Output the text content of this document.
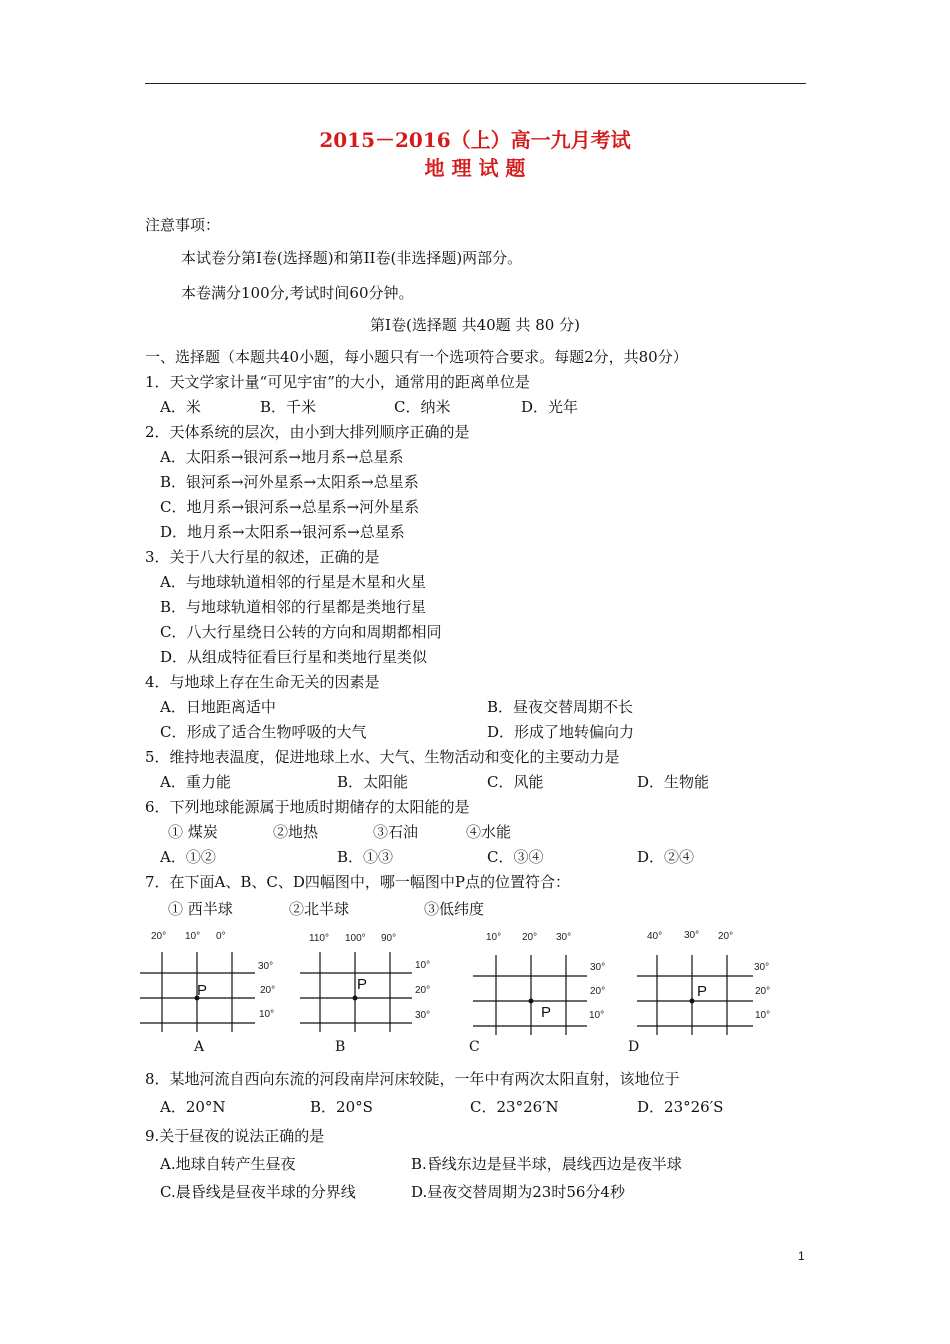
2015－2016（上）高一九月考试
地 理 试 题
注意事项：
本试卷分第Ⅰ卷(选择题)和第II卷(非选择题)两部分。
本卷满分100分,考试时间60分钟。
第Ⅰ卷(选择题 共40题 共 80 分)
一、选择题（本题共40小题，每小题只有一个选项符合要求。每题2分，共80分）
1．天文学家计量“可见宇宙”的大小，通常用的距离单位是
A．米	B．千米	C．纳米	D．光年
2．天体系统的层次，由小到大排列顺序正确的是
A．太阳系→银河系→地月系→总星系
B．银河系→河外星系→太阳系→总星系
C．地月系→银河系→总星系→河外星系
D．地月系→太阳系→银河系→总星系
3．关于八大行星的叙述，正确的是
A．与地球轨道相邻的行星是木星和火星
B．与地球轨道相邻的行星都是类地行星
C．八大行星绕日公转的方向和周期都相同
D．从组成特征看巨行星和类地行星类似
4．与地球上存在生命无关的因素是
A．日地距离适中	B．昼夜交替周期不长
C．形成了适合生物呼吸的大气	D．形成了地转偏向力
5．维持地表温度，促进地球上水、大气、生物活动和变化的主要动力是
A．重力能	B．太阳能	C．风能	D．生物能
6．下列地球能源属于地质时期储存的太阳能的是
① 煤炭	②地热	③石油	④水能
A．①②	B．①③	C．③④	D．②④
7．在下面A、B、C、D四幅图中，哪一幅图中P点的位置符合：
① 西半球	②北半球	③低纬度
20° 10° 0°
P
30°
20°
10°
A
110° 100° 90°
P
10°
20°
30°
B
10° 20° 30°
P
30°
20°
10°
C
40° 30° 20°
P
30°
20°
10°
D
8．某地河流自西向东流的河段南岸河床较陡，一年中有两次太阳直射，该地位于
A．20°N	B．20°S	C．23°26′N	D．23°26′S
9.关于昼夜的说法正确的是
A.地球自转产生昼夜	B.昏线东边是昼半球，晨线西边是夜半球
C.晨昏线是昼夜半球的分界线	D.昼夜交替周期为23时56分4秒
1
